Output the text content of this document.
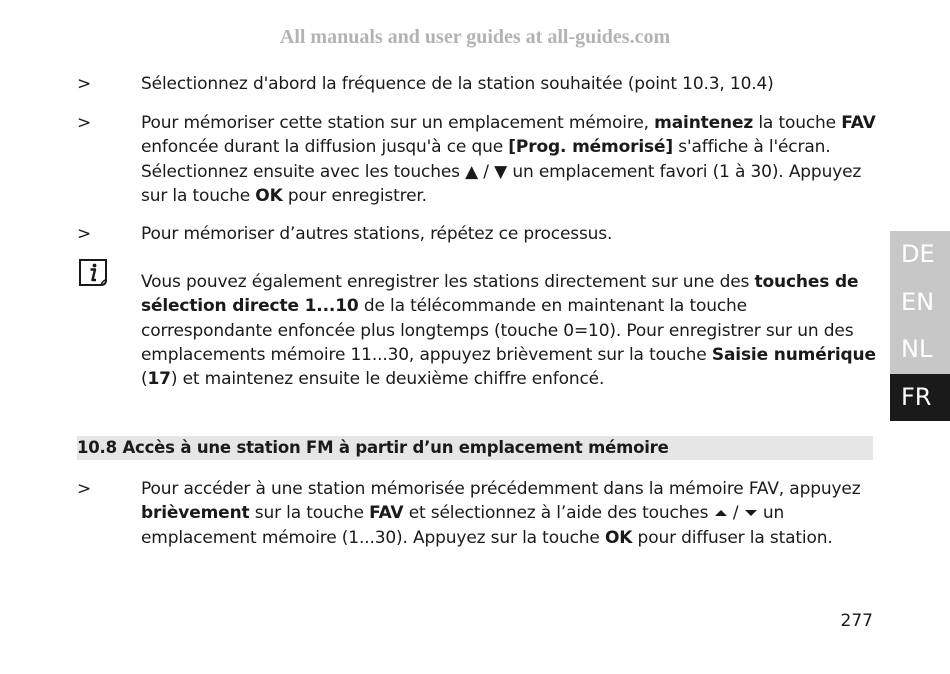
All manuals and user guides at all-guides.com
>	Sélectionnez d'abord la fréquence de la station souhaitée (point 10.3, 10.4)
>	Pour mémoriser cette station sur un emplacement mémoire, maintenez la touche FAV enfoncée durant la diffusion jusqu'à ce que [Prog. mémorisé] s'affiche à l'écran. Sélectionnez ensuite avec les touches ▲ / ▼ un emplacement favori (1 à 30). Appuyez sur la touche OK pour enregistrer.
>	Pour mémoriser d’autres stations, répétez ce processus.
Vous pouvez également enregistrer les stations directement sur une des touches de sélection directe 1...10 de la télécommande en maintenant la touche correspondante enfoncée plus longtemps (touche 0=10). Pour enregistrer sur un des emplacements mémoire 11...30, appuyez brièvement sur la touche Saisie numérique (17) et maintenez ensuite le deuxième chiffre enfoncé.
10.8 Accès à une station FM à partir d’un emplacement mémoire
>	Pour accéder à une station mémorisée précédemment dans la mémoire FAV, appuyez brièvement sur la touche FAV et sélectionnez à l’aide des touches  /  un emplacement mémoire (1...30). Appuyez sur la touche OK pour diffuser la station.
277
DE
EN
NL
FR
